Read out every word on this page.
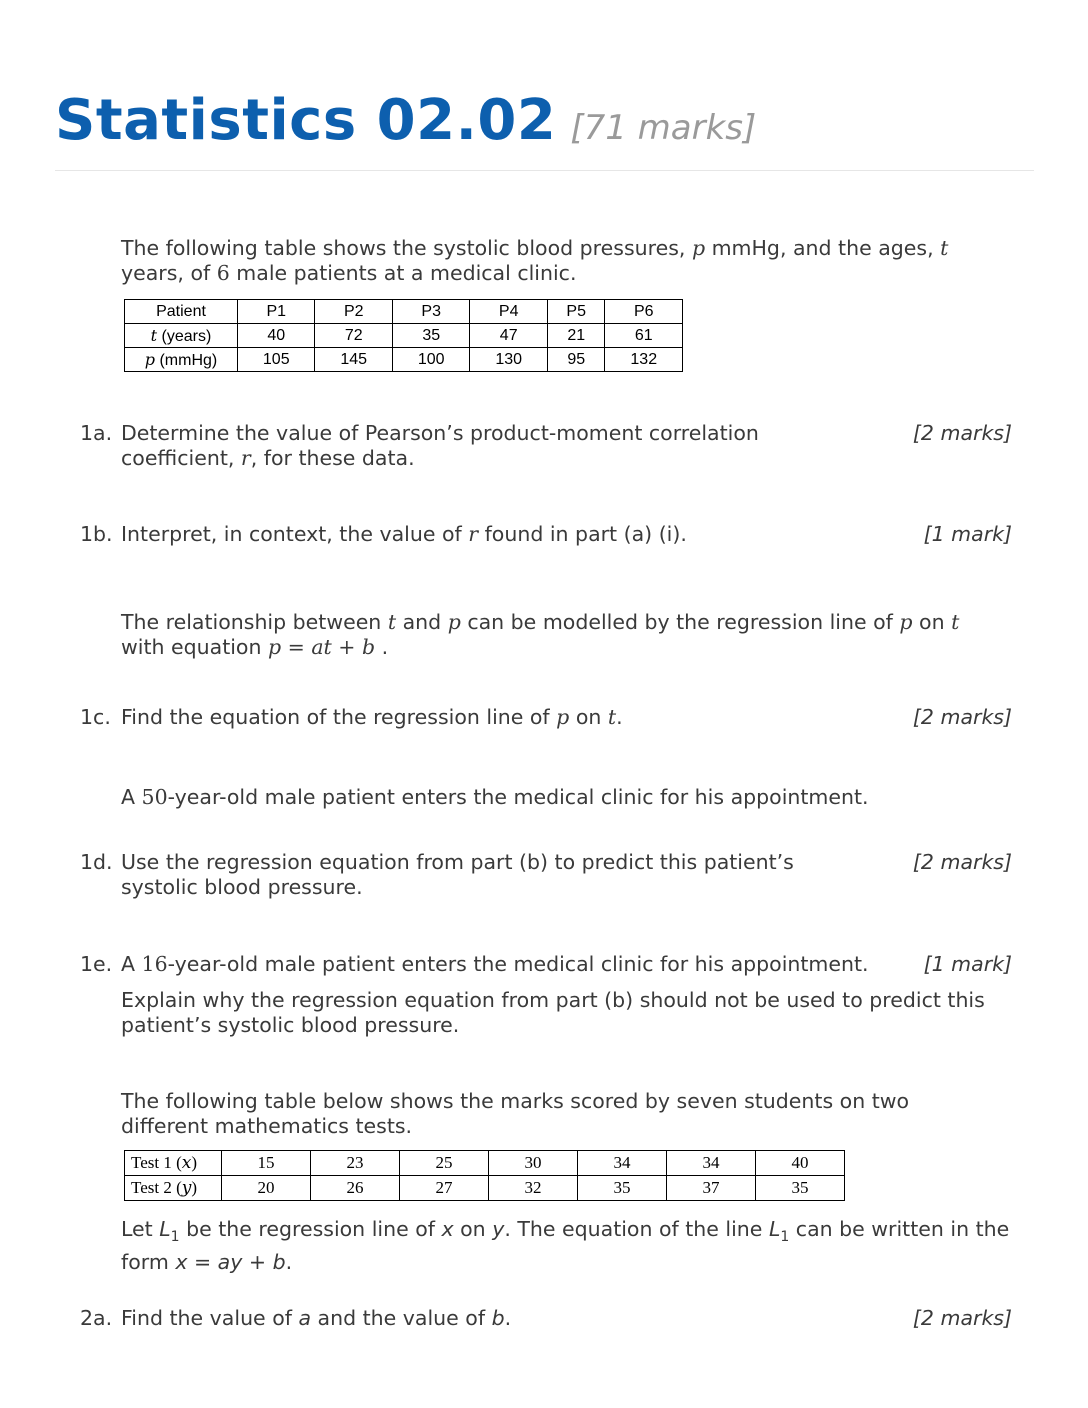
Statistics 02.02 [71 marks]
The following table shows the systolic blood pressures, p mmHg, and the ages, t
years, of 6 male patients at a medical clinic.
Patient	P1	P2	P3	P4	P5	P6
t (years)	40	72	35	47	21	61
p (mmHg)	105	145	100	130	95	132
1a. Determine the value of Pearson’s product-moment correlation coefficient, r, for these data.
[2 marks]
1b. Interpret, in context, the value of r found in part (a) (i).	[1 mark]
The relationship between t and p can be modelled by the regression line of p on t
with equation p = at + b .
1c. Find the equation of the regression line of p on t.	[2 marks]
A 50-year-old male patient enters the medical clinic for his appointment.
1d. Use the regression equation from part (b) to predict this patient’s systolic blood pressure.
[2 marks]
1e. A 16-year-old male patient enters the medical clinic for his appointment.
Explain why the regression equation from part (b) should not be used to predict this patient’s systolic blood pressure.
[1 mark]
The following table below shows the marks scored by seven students on two different mathematics tests.
Test 1 (x)	15	23	25	30	34	34	40
Test 2 (y)	20	26	27	32	35	37	35
Let $L_1$ be the regression line of x on y. The equation of the line $L_1$ can be written in the form x = ay + b.
2a. Find the value of a and the value of b.	[2 marks]
